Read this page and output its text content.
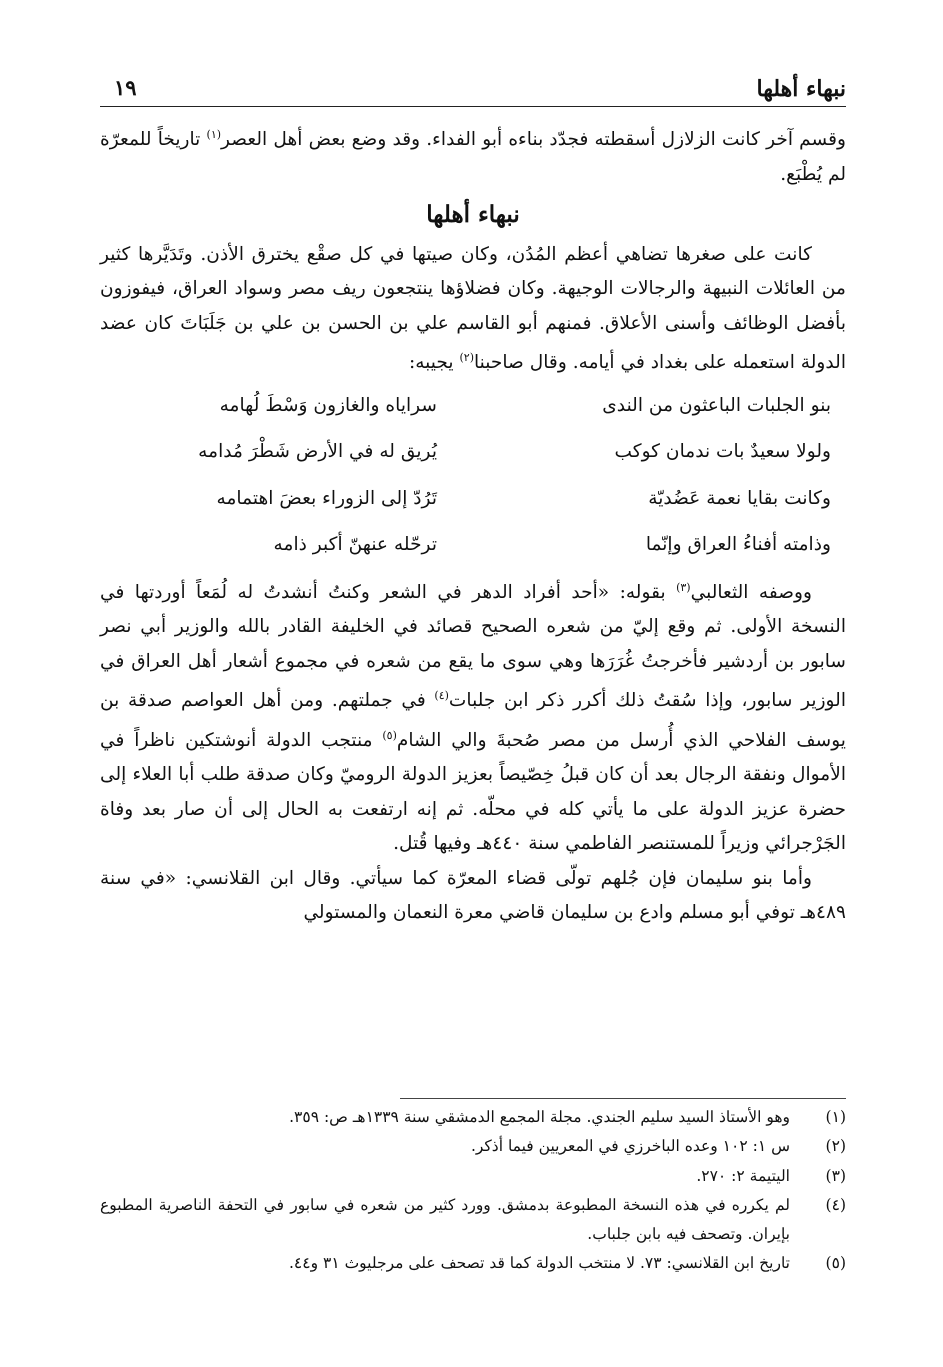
نبهاء أهلها
١٩

وقسم آخر كانت الزلازل أسقطته فجدّد بناءه أبو الفداء. وقد وضع بعض أهل العصر$^{(١)}$ تاريخاً للمعرّة لم يُطْبَع.

نبهاء أهلها

كانت على صغرها تضاهي أعظم المُدُن، وكان صيتها في كل صقْع يخترق الأذن. وتَدَيَّرها كثير من العائلات النبيهة والرجالات الوجيهة. وكان فضلاؤها ينتجعون ريف مصر وسواد العراق، فيفوزون بأفضل الوظائف وأسنى الأعلاق. فمنهم أبو القاسم علي بن الحسن بن علي بن جَلَبَاتَ كان عضد الدولة استعمله على بغداد في أيامه. وقال صاحبنا$^{(٢)}$ يجيبه:

بنو الجلبات الباعثون من الندى
سراياه والغازون وَسْطَ لُهامه
ولولا سعيدٌ بات ندمان كوكب
يُريق له في الأرض شَطْرَ مُدامه
وكانت بقايا نعمة عَضُديّة
تَرُدّ إلى الزوراء بعضَ اهتمامه
وذامته أفناءُ العراق وإنّما
ترحّله عنهنّ أكبر ذامه

ووصفه الثعالبي$^{(٣)}$ بقوله: «أحد أفراد الدهر في الشعر وكنتُ أنشدتُ له لُمَعاً أوردتها في النسخة الأولى. ثم وقع إليّ من شعره الصحيح قصائد في الخليفة القادر بالله والوزير أبي نصر سابور بن أردشير فأخرجتُ غُرَرَها وهي سوى ما يقع من شعره في مجموع أشعار أهل العراق في الوزير سابور، وإذا سُقتُ ذلك أكرر ذكر ابن جلبات$^{(٤)}$ في جملتهم. ومن أهل العواصم صدقة بن يوسف الفلاحي الذي أُرسل من مصر صُحبةَ والي الشام$^{(٥)}$ منتجب الدولة أنوشتكين ناظراً في الأموال ونفقة الرجال بعد أن كان قبلُ خِصّيصاً بعزيز الدولة الروميّ وكان صدقة طلب أبا العلاء إلى حضرة عزيز الدولة على ما يأتي كله في محلّه. ثم إنه ارتفعت به الحال إلى أن صار بعد وفاة الجَرْجرائي وزيراً للمستنصر الفاطمي سنة ٤٤٠هـ وفيها قُتل.

وأما بنو سليمان فإن جُلهم تولّى قضاء المعرّة كما سيأتي. وقال ابن القلانسي: «في سنة ٤٨٩هـ توفي أبو مسلم وادع بن سليمان قاضي معرة النعمان والمستولي

(١)
وهو الأستاذ السيد سليم الجندي. مجلة المجمع الدمشقي سنة ١٣٣٩هـ ص: ٣٥٩.
(٢)
س ١: ١٠٢ وعده الباخرزي في المعريين فيما أذكر.
(٣)
اليتيمة ٢: ٢٧٠.
(٤)
لم يكرره في هذه النسخة المطبوعة بدمشق. وورد كثير من شعره في سابور في التحفة الناصرية المطبوع بإيران. وتصحف فيه بابن جلباب.
(٥)
تاريخ ابن القلانسي: ٧٣. لا منتخب الدولة كما قد تصحف على مرجليوث ٣١ و٤٤.
